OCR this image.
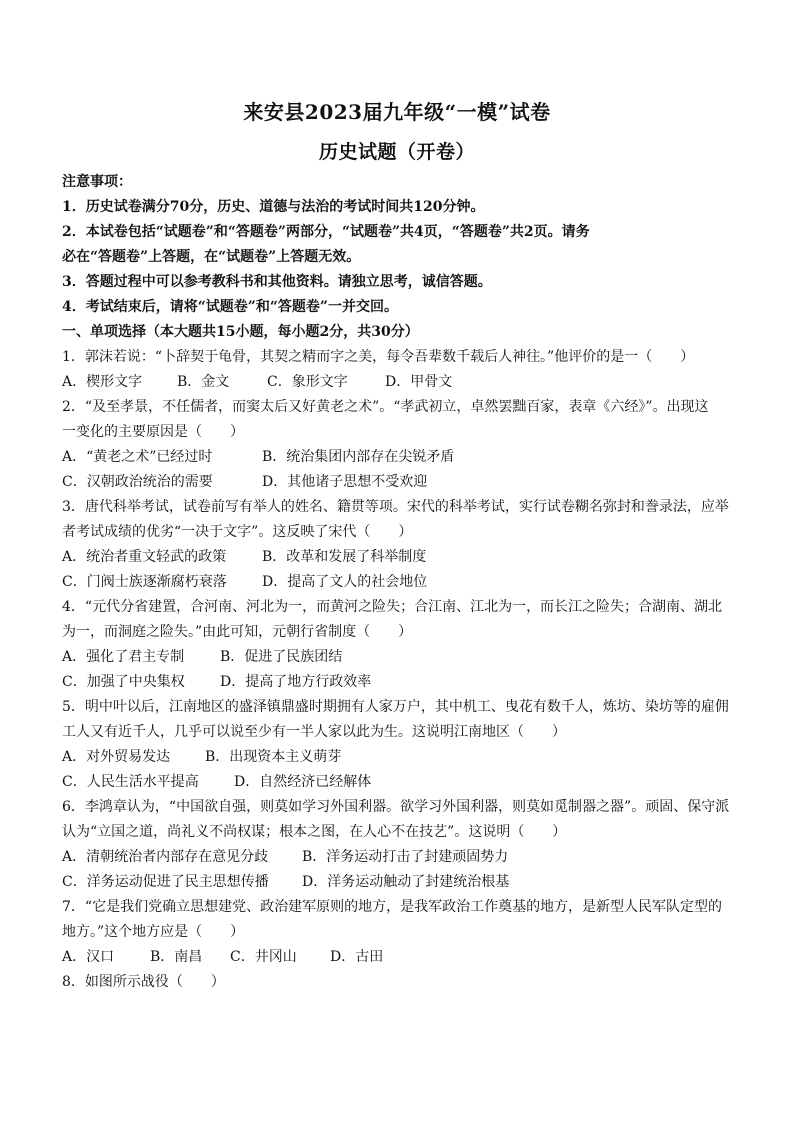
来安县2023届九年级“一模”试卷
历史试题（开卷）
注意事项：
1．历史试卷满分70分，历史、道德与法治的考试时间共120分钟。
2．本试卷包括“试题卷”和“答题卷”两部分，“试题卷”共4页，“答题卷”共2页。请务
必在“答题卷”上答题，在“试题卷”上答题无效。
3．答题过程中可以参考教科书和其他资料。请独立思考，诚信答题。
4．考试结束后，请将“试题卷”和“答题卷”一并交回。
一、单项选择（本大题共15小题，每小题2分，共30分）
1．郭沫若说：“卜辞契于龟骨，其契之精而字之美，每令吾辈数千载后人神往。”他评价的是一（　　）
A．楔形文字	B．金文	C．象形文字	D．甲骨文
2．“及至孝景，不任儒者，而窦太后又好黄老之术”。“孝武初立，卓然罢黜百家，表章《六经》”。出现这
一变化的主要原因是（　　）
A．“黄老之术”已经过时	B．统治集团内部存在尖锐矛盾
C．汉朝政治统治的需要	D．其他诸子思想不受欢迎
3．唐代科举考试，试卷前写有举人的姓名、籍贯等项。宋代的科举考试，实行试卷糊名弥封和誊录法，应举
者考试成绩的优劣“一决于文字”。这反映了宋代（　　）
A．统治者重文轻武的政策	B．改革和发展了科举制度
C．门阀士族逐渐腐朽衰落	D．提高了文人的社会地位
4．“元代分省建置，合河南、河北为一，而黄河之险失；合江南、江北为一，而长江之险失；合湖南、湖北
为一，而洞庭之险失。”由此可知，元朝行省制度（　　）
A．强化了君主专制	B．促进了民族团结
C．加强了中央集权	D．提高了地方行政效率
5．明中叶以后，江南地区的盛泽镇鼎盛时期拥有人家万户，其中机工、曳花有数千人，炼坊、染坊等的雇佣
工人又有近千人，几乎可以说至少有一半人家以此为生。这说明江南地区（　　）
A．对外贸易发达	B．出现资本主义萌芽
C．人民生活水平提高	D．自然经济已经解体
6．李鸿章认为，“中国欲自强，则莫如学习外国利器。欲学习外国利器，则莫如觅制器之器”。顽固、保守派
认为“立国之道，尚礼义不尚权谋；根本之图，在人心不在技艺”。这说明（　　）
A．清朝统治者内部存在意见分歧	B．洋务运动打击了封建顽固势力
C．洋务运动促进了民主思想传播	D．洋务运动触动了封建统治根基
7．“它是我们党确立思想建党、政治建军原则的地方，是我军政治工作奠基的地方，是新型人民军队定型的
地方。”这个地方应是（　　）
A．汉口	B．南昌	C．井冈山	D．古田
8．如图所示战役（　　）
